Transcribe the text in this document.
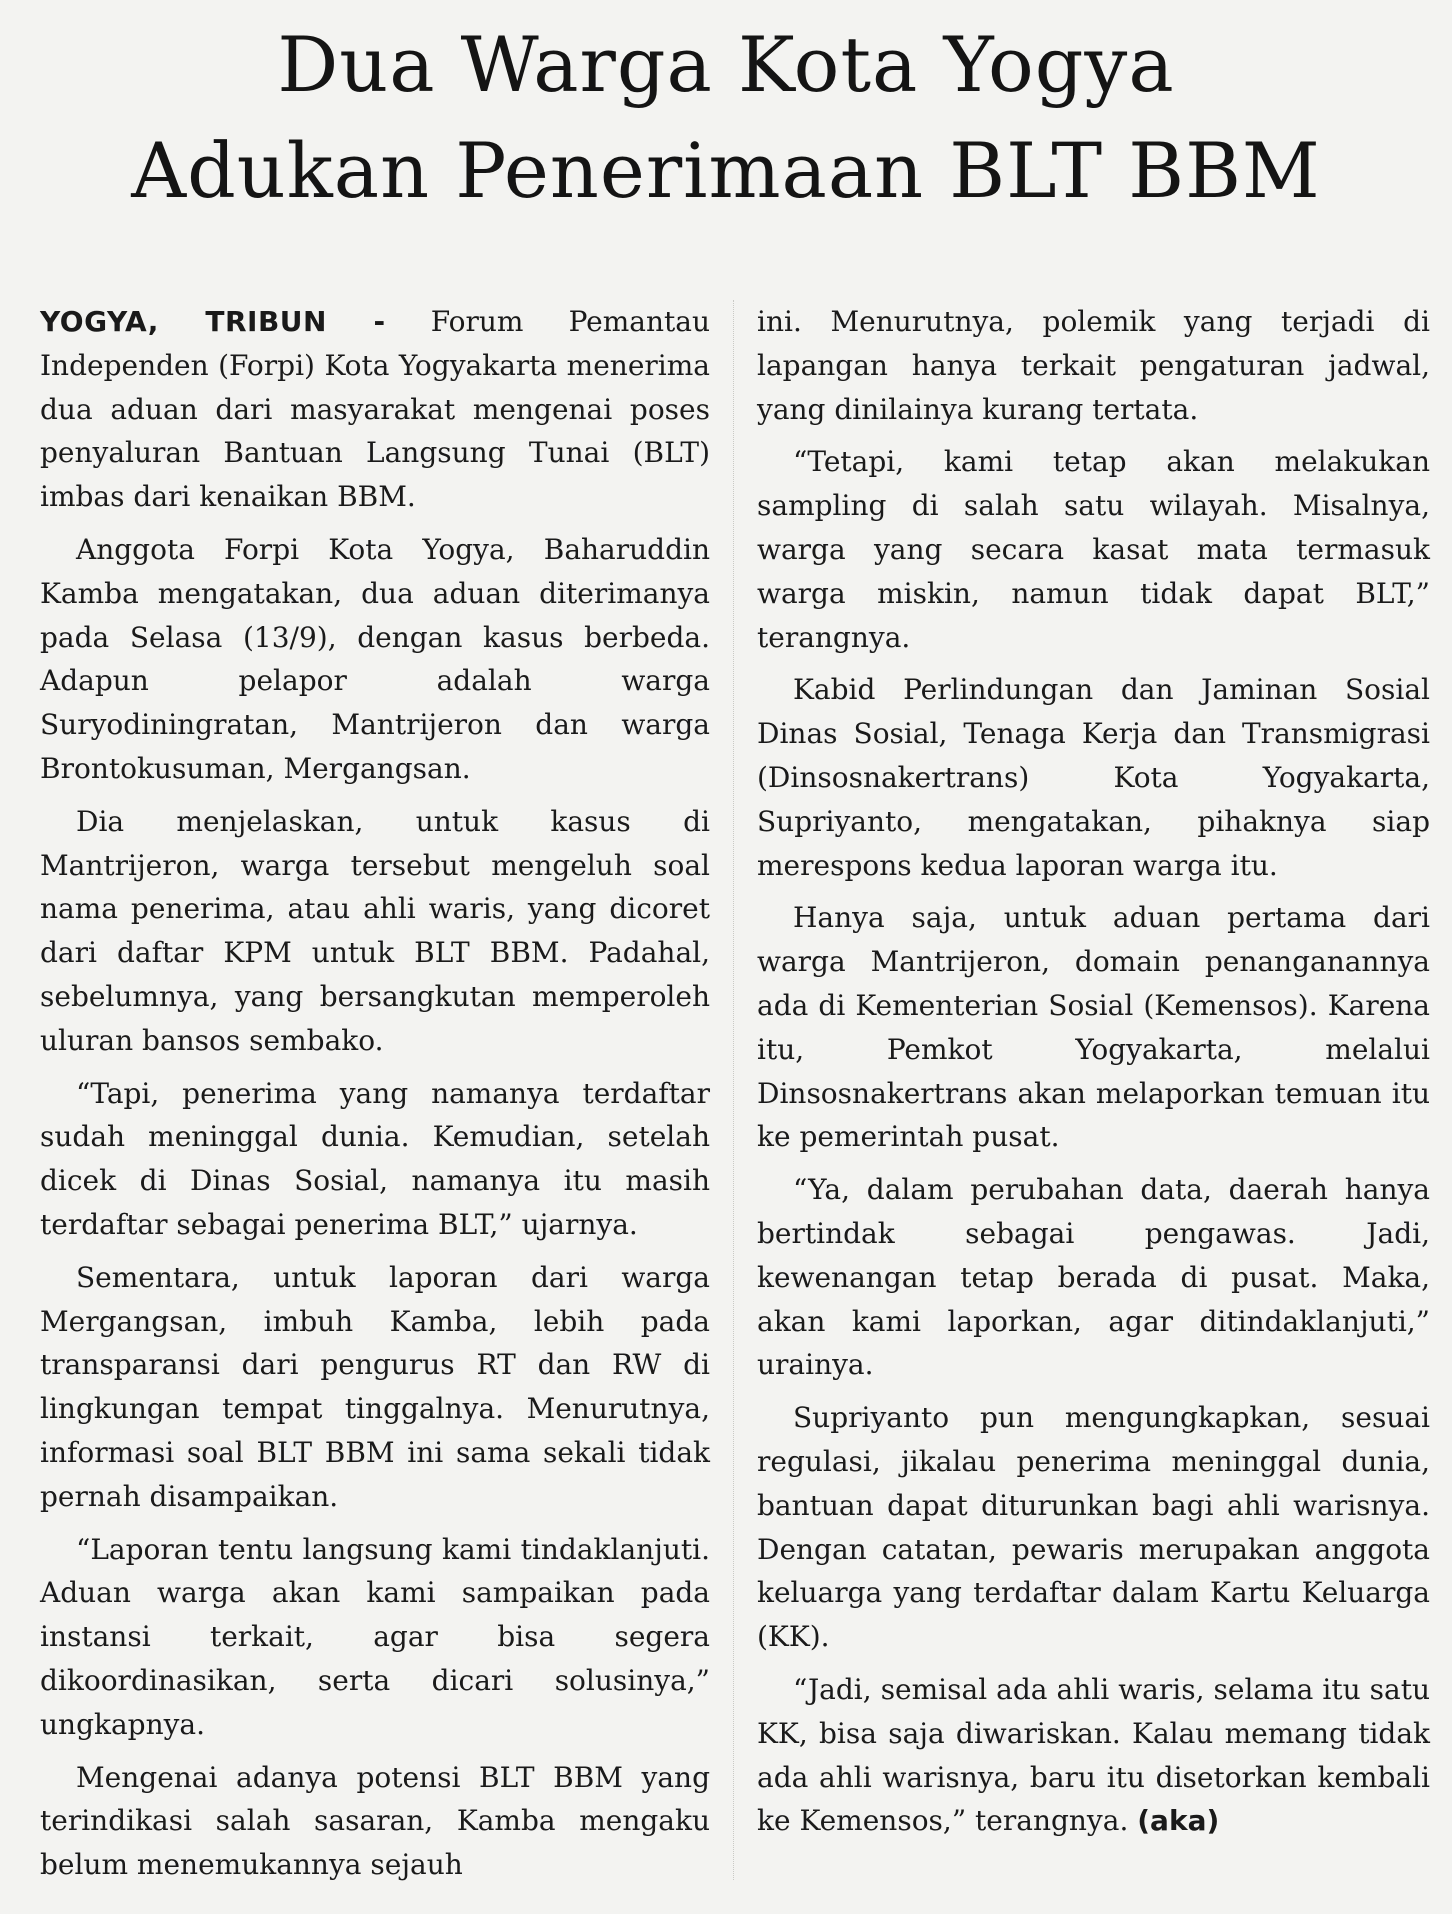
Dua Warga Kota Yogya
Adukan Penerimaan BLT BBM

YOGYA, TRIBUN - Forum Pemantau Independen (Forpi) Kota Yogyakarta menerima dua aduan dari masyarakat mengenai poses penyaluran Bantuan Langsung Tunai (BLT) imbas dari kenaikan BBM.

Anggota Forpi Kota Yogya, Baharuddin Kamba mengatakan, dua aduan diterimanya pada Selasa (13/9), dengan kasus berbeda. Adapun pelapor adalah warga Suryodiningratan, Mantrijeron dan warga Brontokusuman, Mergangsan.

Dia menjelaskan, untuk kasus di Mantrijeron, warga tersebut mengeluh soal nama penerima, atau ahli waris, yang dicoret dari daftar KPM untuk BLT BBM. Padahal, sebelumnya, yang bersangkutan memperoleh uluran bansos sembako.

“Tapi, penerima yang namanya terdaftar sudah meninggal dunia. Kemudian, setelah dicek di Dinas Sosial, namanya itu masih terdaftar sebagai penerima BLT,” ujarnya.

Sementara, untuk laporan dari warga Mergangsan, imbuh Kamba, lebih pada transparansi dari pengurus RT dan RW di lingkungan tempat tinggalnya. Menurutnya, informasi soal BLT BBM ini sama sekali tidak pernah disampaikan.

“Laporan tentu langsung kami tindaklanjuti. Aduan warga akan kami sampaikan pada instansi terkait, agar bisa segera dikoordinasikan, serta dicari solusinya,” ungkapnya.

Mengenai adanya potensi BLT BBM yang terindikasi salah sasaran, Kamba mengaku belum menemukannya sejauh

ini. Menurutnya, polemik yang terjadi di lapangan hanya terkait pengaturan jadwal, yang dinilainya kurang tertata.

“Tetapi, kami tetap akan melakukan sampling di salah satu wilayah. Misalnya, warga yang secara kasat mata termasuk warga miskin, namun tidak dapat BLT,” terangnya.

Kabid Perlindungan dan Jaminan Sosial Dinas Sosial, Tenaga Kerja dan Transmigrasi (Dinsosnakertrans) Kota Yogyakarta, Supriyanto, mengatakan, pihaknya siap merespons kedua laporan warga itu.

Hanya saja, untuk aduan pertama dari warga Mantrijeron, domain penanganannya ada di Kementerian Sosial (Kemensos). Karena itu, Pemkot Yogyakarta, melalui Dinsosnakertrans akan melaporkan temuan itu ke pemerintah pusat.

“Ya, dalam perubahan data, daerah hanya bertindak sebagai pengawas. Jadi, kewenangan tetap berada di pusat. Maka, akan kami laporkan, agar ditindaklanjuti,” urainya.

Supriyanto pun mengungkapkan, sesuai regulasi, jikalau penerima meninggal dunia, bantuan dapat diturunkan bagi ahli warisnya. Dengan catatan, pewaris merupakan anggota keluarga yang terdaftar dalam Kartu Keluarga (KK).

“Jadi, semisal ada ahli waris, selama itu satu KK, bisa saja diwariskan. Kalau memang tidak ada ahli warisnya, baru itu disetorkan kembali ke Kemensos,” terangnya. (aka)
